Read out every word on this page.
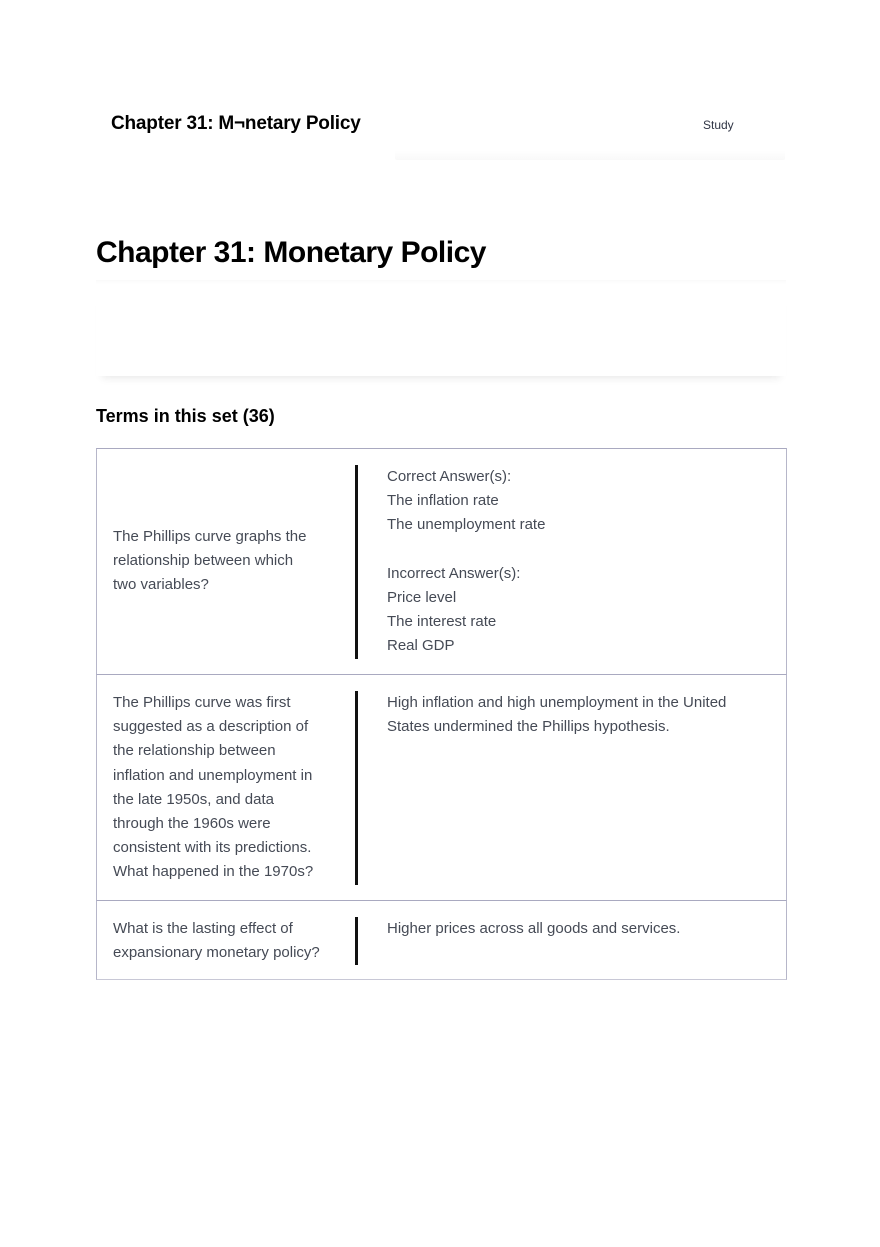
Chapter 31: M¬netary Policy	Study
Chapter 31: Monetary Policy
Terms in this set (36)
The Phillips curve graphs the
relationship between which
two variables?
Correct Answer(s):
The inflation rate
The unemployment rate
Incorrect Answer(s):
Price level
The interest rate
Real GDP
The Phillips curve was first
suggested as a description of
the relationship between
inflation and unemployment in
the late 1950s, and data
through the 1960s were
consistent with its predictions.
What happened in the 1970s?
High inflation and high unemployment in the United
States undermined the Phillips hypothesis.
What is the lasting effect of
expansionary monetary policy?
Higher prices across all goods and services.
